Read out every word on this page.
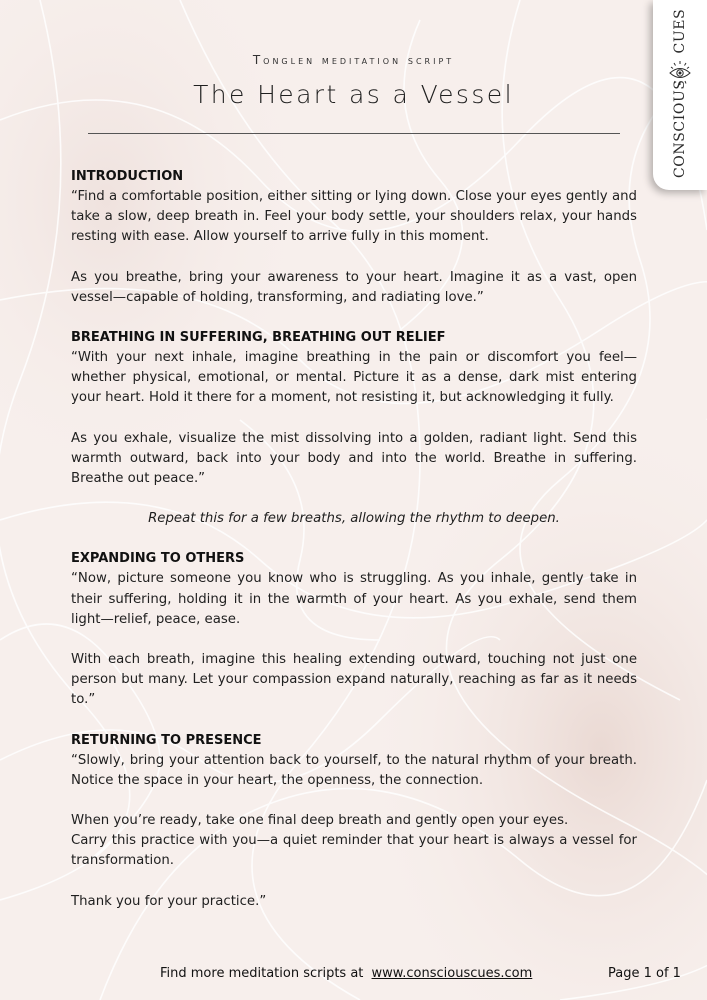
CONSCIOUSCUES
Tonglen meditation script
The Heart as a Vessel
INTRODUCTION

“Find a comfortable position, either sitting or lying down. Close your eyes gently and take a slow, deep breath in. Feel your body settle, your shoulders relax, your hands resting with ease. Allow yourself to arrive fully in this moment.

As you breathe, bring your awareness to your heart. Imagine it as a vast, open vessel—capable of holding, transforming, and radiating love.”

BREATHING IN SUFFERING, BREATHING OUT RELIEF

“With your next inhale, imagine breathing in the pain or discomfort you feel—whether physical, emotional, or mental. Picture it as a dense, dark mist entering your heart. Hold it there for a moment, not resisting it, but acknowledging it fully.

As you exhale, visualize the mist dissolving into a golden, radiant light. Send this warmth outward, back into your body and into the world. Breathe in suffering. Breathe out peace.”

Repeat this for a few breaths, allowing the rhythm to deepen.

EXPANDING TO OTHERS

“Now, picture someone you know who is struggling. As you inhale, gently take in their suffering, holding it in the warmth of your heart. As you exhale, send them light—relief, peace, ease.

With each breath, imagine this healing extending outward, touching not just one person but many. Let your compassion expand naturally, reaching as far as it needs to.”

RETURNING TO PRESENCE

“Slowly, bring your attention back to yourself, to the natural rhythm of your breath. Notice the space in your heart, the openness, the connection.

When you’re ready, take one final deep breath and gently open your eyes.

Carry this practice with you—a quiet reminder that your heart is always a vessel for transformation.

Thank you for your practice.”

Find more meditation scripts at www.consciouscues.com	Page 1 of 1
